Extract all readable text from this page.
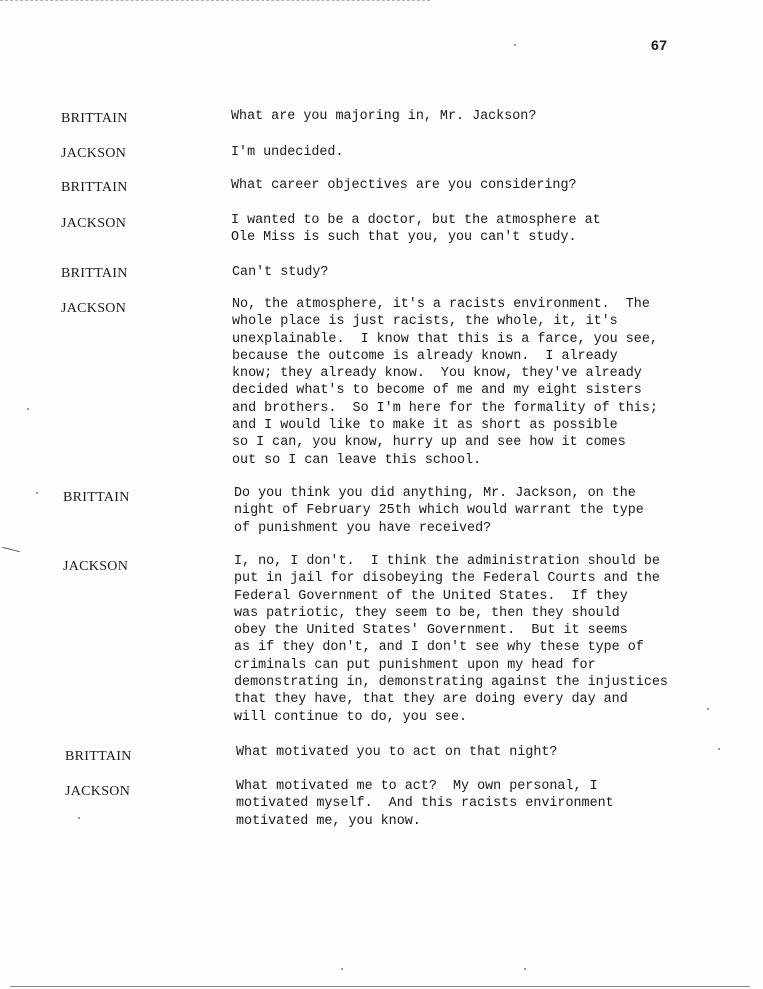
67
BRITTAIN	What are you majoring in, Mr. Jackson?
JACKSON	I'm undecided.
BRITTAIN	What career objectives are you considering?
JACKSON	I wanted to be a doctor, but the atmosphere at
Ole Miss is such that you, you can't study.
BRITTAIN	Can't study?
JACKSON	No, the atmosphere, it's a racists environment.  The
whole place is just racists, the whole, it, it's
unexplainable.  I know that this is a farce, you see,
because the outcome is already known.  I already
know; they already know.  You know, they've already
decided what's to become of me and my eight sisters
and brothers.  So I'm here for the formality of this;
and I would like to make it as short as possible
so I can, you know, hurry up and see how it comes
out so I can leave this school.
BRITTAIN	Do you think you did anything, Mr. Jackson, on the
night of February 25th which would warrant the type
of punishment you have received?
JACKSON	I, no, I don't.  I think the administration should be
put in jail for disobeying the Federal Courts and the
Federal Government of the United States.  If they
was patriotic, they seem to be, then they should
obey the United States' Government.  But it seems
as if they don't, and I don't see why these type of
criminals can put punishment upon my head for
demonstrating in, demonstrating against the injustices
that they have, that they are doing every day and
will continue to do, you see.
BRITTAIN	What motivated you to act on that night?
JACKSON	What motivated me to act?  My own personal, I
motivated myself.  And this racists environment
motivated me, you know.
